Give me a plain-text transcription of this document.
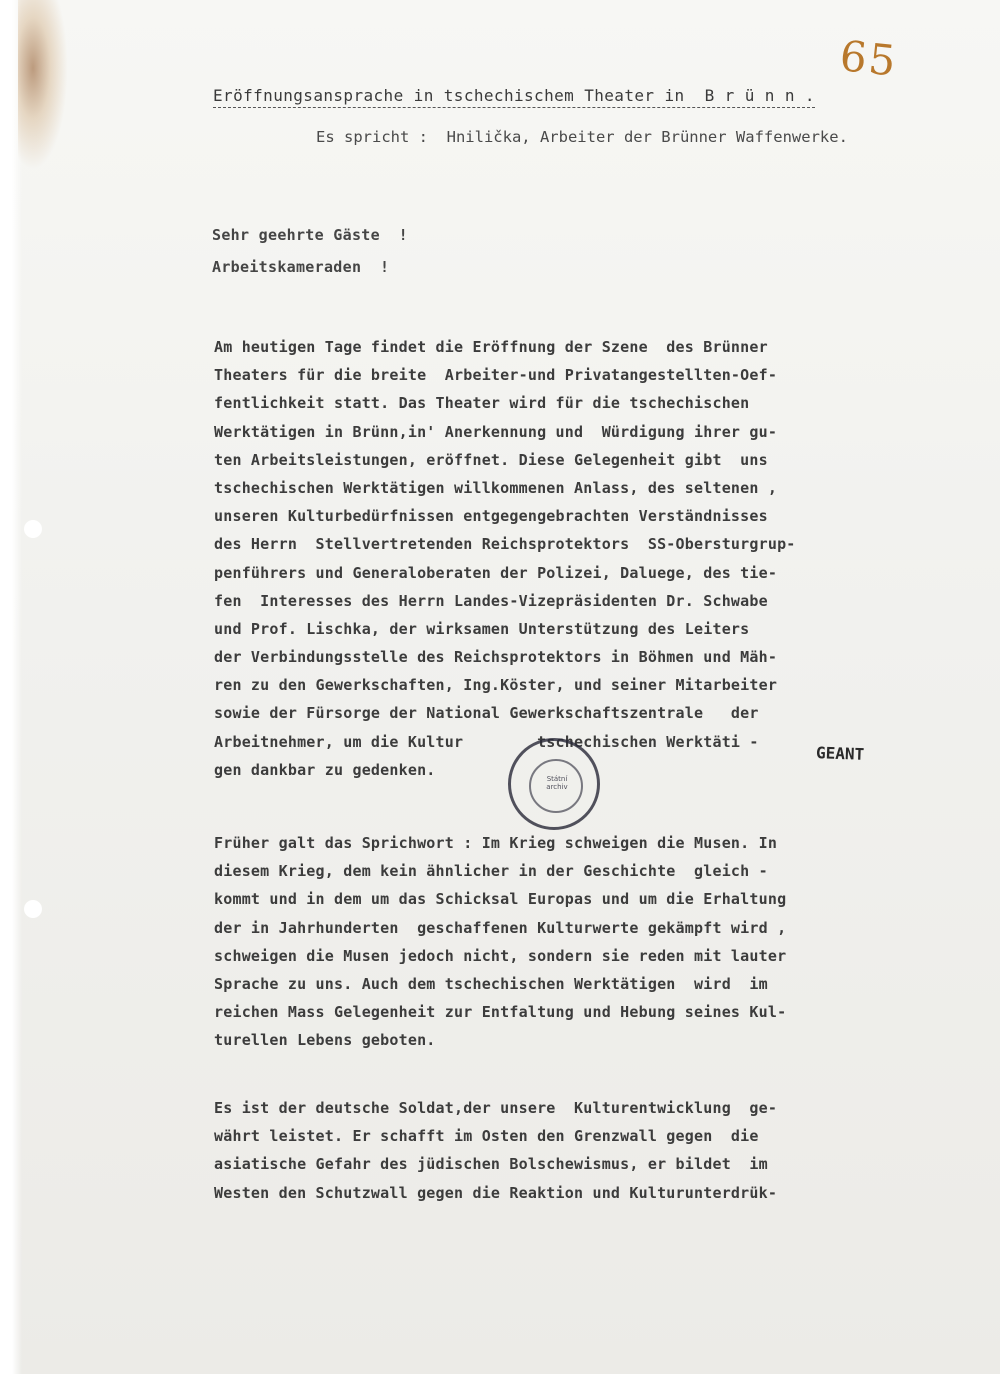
65
Eröffnungsansprache in tschechischem Theater in  B r ü n n .
Es spricht :  Hnilička, Arbeiter der Brünner Waffenwerke.
Sehr geehrte Gäste  !
Arbeitskameraden  !
Am heutigen Tage findet die Eröffnung der Szene  des Brünner
Theaters für die breite  Arbeiter-und Privatangestellten-Oef-
fentlichkeit statt. Das Theater wird für die tschechischen
Werktätigen in Brünn,in' Anerkennung und  Würdigung ihrer gu-
ten Arbeitsleistungen, eröffnet. Diese Gelegenheit gibt  uns
tschechischen Werktätigen willkommenen Anlass, des seltenen ,
unseren Kulturbedürfnissen entgegengebrachten Verständnisses
des Herrn  Stellvertretenden Reichsprotektors  SS-Obersturgrup-
penführers und Generaloberaten der Polizei, Daluege, des tie-
fen  Interesses des Herrn Landes-Vizepräsidenten Dr. Schwabe
und Prof. Lischka, der wirksamen Unterstützung des Leiters
der Verbindungsstelle des Reichsprotektors in Böhmen und Mäh-
ren zu den Gewerkschaften, Ing.Köster, und seiner Mitarbeiter
sowie der Fürsorge der National Gewerkschaftszentrale   der
Arbeitnehmer, um die Kultur        tschechischen Werktäti -
gen dankbar zu gedenken.
Früher galt das Sprichwort : Im Krieg schweigen die Musen. In
diesem Krieg, dem kein ähnlicher in der Geschichte  gleich -
kommt und in dem um das Schicksal Europas und um die Erhaltung
der in Jahrhunderten  geschaffenen Kulturwerte gekämpft wird ,
schweigen die Musen jedoch nicht, sondern sie reden mit lauter
Sprache zu uns. Auch dem tschechischen Werktätigen  wird  im
reichen Mass Gelegenheit zur Entfaltung und Hebung seines Kul-
turellen Lebens geboten.
Es ist der deutsche Soldat,der unsere  Kulturentwicklung  ge-
währt leistet. Er schafft im Osten den Grenzwall gegen  die
asiatische Gefahr des jüdischen Bolschewismus, er bildet  im
Westen den Schutzwall gegen die Reaktion und Kulturunterdrük-
Státní archiv
GEANT
